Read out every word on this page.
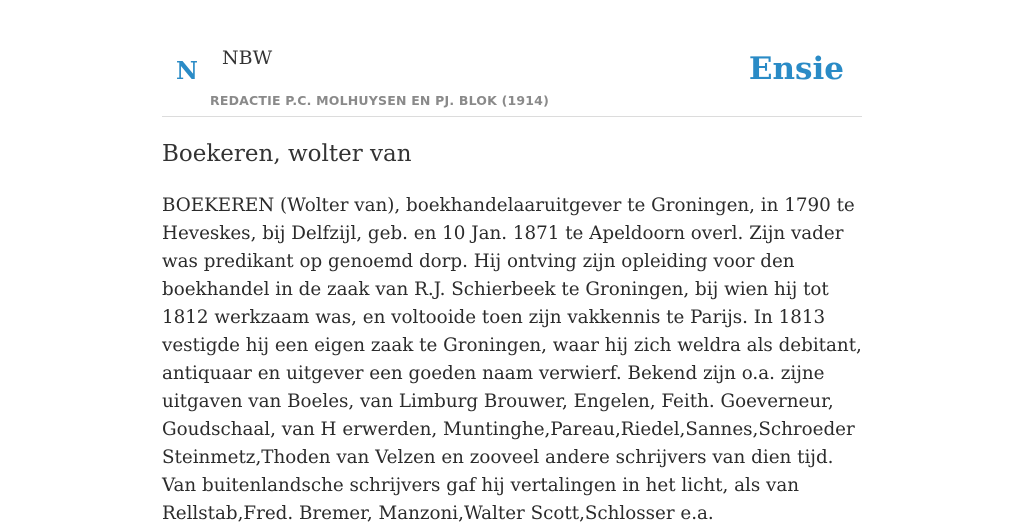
N NBW
REDACTIE P.C. MOLHUYSEN EN PJ. BLOK (1914)
Ensie
Boekeren, wolter van

BOEKEREN (Wolter van), boekhandelaaruitgever te Groningen, in 1790 te Heveskes, bij Delfzijl, geb. en 10 Jan. 1871 te Apeldoorn overl. Zijn vader was predikant op genoemd dorp. Hij ontving zijn opleiding voor den boekhandel in de zaak van R.J. Schierbeek te Groningen, bij wien hij tot 1812 werkzaam was, en voltooide toen zijn vakkennis te Parijs. In 1813 vestigde hij een eigen zaak te Groningen, waar hij zich weldra als debitant, antiquaar en uitgever een goeden naam verwierf. Bekend zijn o.a. zijne uitgaven van Boeles, van Limburg Brouwer, Engelen, Feith. Goeverneur, Goudschaal, van H erwerden, Muntinghe,Pareau,Riedel,Sannes,Schroeder Steinmetz,Thoden van Velzen en zooveel andere schrijvers van dien tijd. Van buitenlandsche schrijvers gaf hij vertalingen in het licht, als van Rellstab,Fred. Bremer, Manzoni,Walter Scott,Schlosser e.a.
